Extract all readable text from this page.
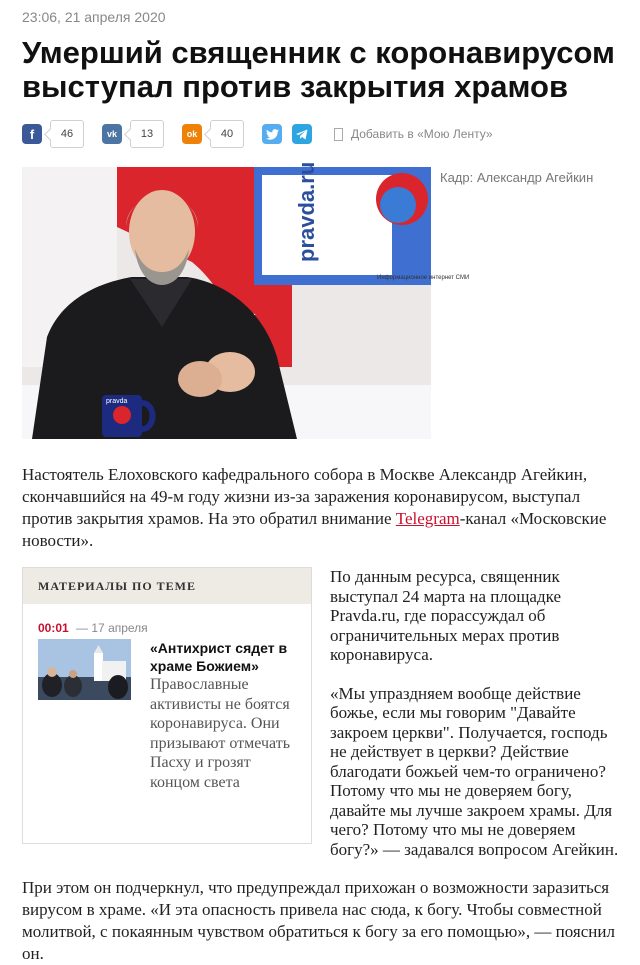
23:06, 21 апреля 2020
Умерший священник с коронавирусом выступал против закрытия храмов
f	46	vk	13	ok	40	Добавить в «Мою Ленту»
pravda.ru
Информационное интернет СМИ
pravda
Кадр: Александр Агейкин

Настоятель Елоховского кафедрального собора в Москве Александр Агейкин, скончавшийся на 49-м году жизни из-за заражения коронавирусом, выступал против закрытия храмов. На это обратил внимание Telegram-канал «Московские новости».

МАТЕРИАЛЫ ПО ТЕМЕ
00:01 — 17 апреля
«Антихрист сядет в храме Божием»
Православные активисты не боятся коронавируса. Они призывают отмечать Пасху и грозят концом света

По данным ресурса, священник выступал 24 марта на площадке Pravda.ru, где порассуждал об ограничительных мерах против коронавируса.

«Мы упраздняем вообще действие божье, если мы говорим "Давайте закроем церкви". Получается, господь не действует в церкви? Действие благодати божьей чем-то ограничено? Потому что мы не доверяем богу, давайте мы лучше закроем храмы. Для чего? Потому что мы не доверяем богу?» — задавался вопросом Агейкин.

При этом он подчеркнул, что предупреждал прихожан о возможности заразиться вирусом в храме. «И эта опасность привела нас сюда, к богу. Чтобы совместной молитвой, с покаянным чувством обратиться к богу за его помощью», — пояснил он.
